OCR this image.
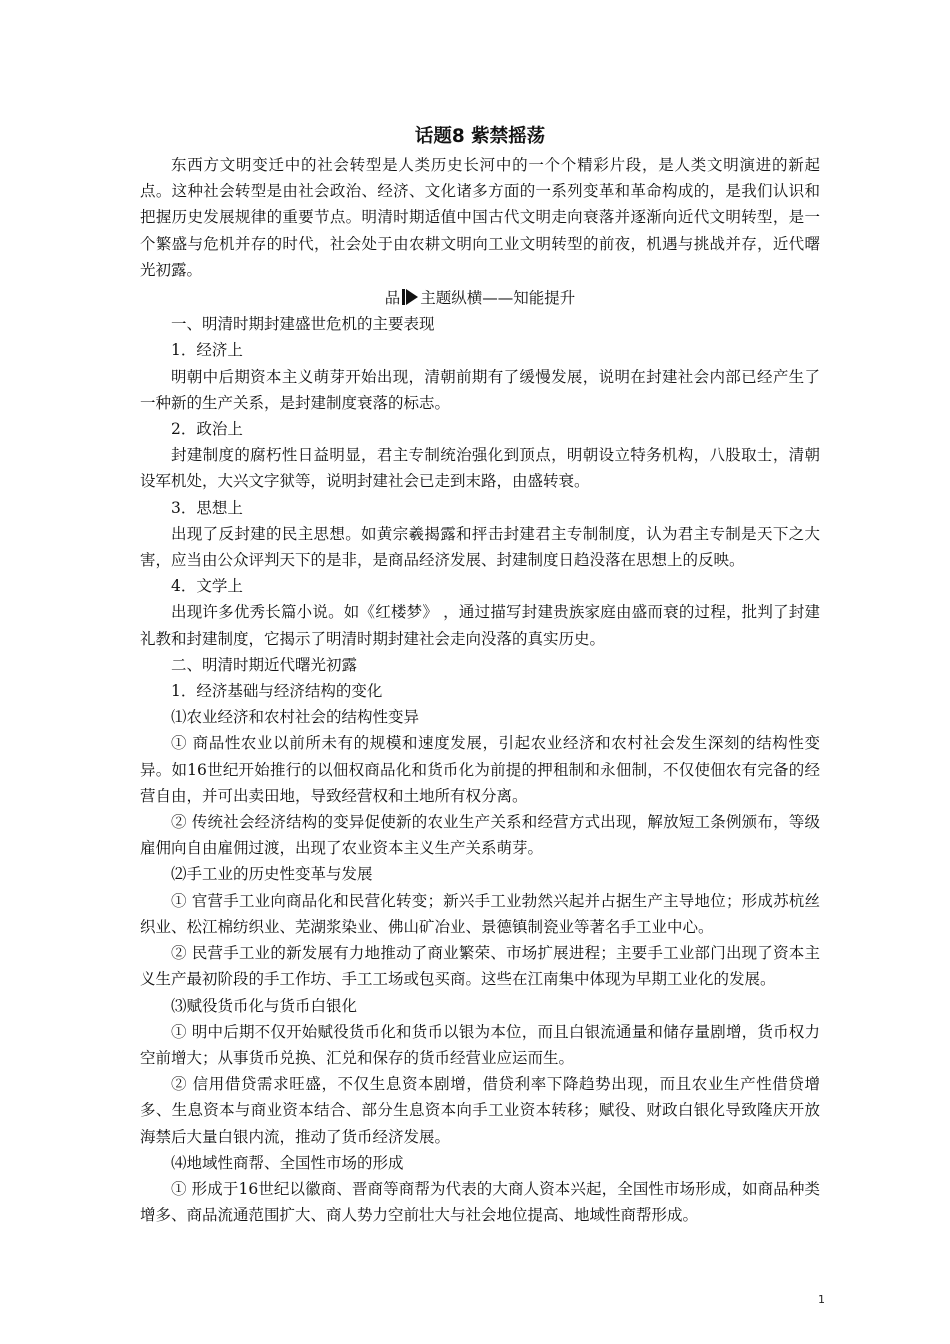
话题8 紫禁摇荡

东西方文明变迁中的社会转型是人类历史长河中的一个个精彩片段，是人类文明演进的新起点。这种社会转型是由社会政治、经济、文化诸多方面的一系列变革和革命构成的，是我们认识和把握历史发展规律的重要节点。明清时期适值中国古代文明走向衰落并逐渐向近代文明转型，是一个繁盛与危机并存的时代，社会处于由农耕文明向工业文明转型的前夜，机遇与挑战并存，近代曙光初露。

品 主题纵横——知能提升

一、明清时期封建盛世危机的主要表现

1．经济上

明朝中后期资本主义萌芽开始出现，清朝前期有了缓慢发展，说明在封建社会内部已经产生了一种新的生产关系，是封建制度衰落的标志。

2．政治上

封建制度的腐朽性日益明显，君主专制统治强化到顶点，明朝设立特务机构，八股取士，清朝设军机处，大兴文字狱等，说明封建社会已走到末路，由盛转衰。

3．思想上

出现了反封建的民主思想。如黄宗羲揭露和抨击封建君主专制制度，认为君主专制是天下之大害，应当由公众评判天下的是非，是商品经济发展、封建制度日趋没落在思想上的反映。

4．文学上

出现许多优秀长篇小说。如《红楼梦》 ，通过描写封建贵族家庭由盛而衰的过程，批判了封建礼教和封建制度，它揭示了明清时期封建社会走向没落的真实历史。

二、明清时期近代曙光初露

1．经济基础与经济结构的变化

⑴农业经济和农村社会的结构性变异

① 商品性农业以前所未有的规模和速度发展，引起农业经济和农村社会发生深刻的结构性变异。如16世纪开始推行的以佃权商品化和货币化为前提的押租制和永佃制，不仅使佃农有完备的经营自由，并可出卖田地，导致经营权和土地所有权分离。

② 传统社会经济结构的变异促使新的农业生产关系和经营方式出现，解放短工条例颁布，等级雇佣向自由雇佣过渡，出现了农业资本主义生产关系萌芽。

⑵手工业的历史性变革与发展

① 官营手工业向商品化和民营化转变；新兴手工业勃然兴起并占据生产主导地位；形成苏杭丝织业、松江棉纺织业、芜湖浆染业、佛山矿冶业、景德镇制瓷业等著名手工业中心。

② 民营手工业的新发展有力地推动了商业繁荣、市场扩展进程；主要手工业部门出现了资本主义生产最初阶段的手工作坊、手工工场或包买商。这些在江南集中体现为早期工业化的发展。

⑶赋役货币化与货币白银化

① 明中后期不仅开始赋役货币化和货币以银为本位，而且白银流通量和储存量剧增，货币权力空前增大；从事货币兑换、汇兑和保存的货币经营业应运而生。

② 信用借贷需求旺盛，不仅生息资本剧增，借贷利率下降趋势出现，而且农业生产性借贷增多、生息资本与商业资本结合、部分生息资本向手工业资本转移；赋役、财政白银化导致隆庆开放海禁后大量白银内流，推动了货币经济发展。

⑷地域性商帮、全国性市场的形成

① 形成于16世纪以徽商、晋商等商帮为代表的大商人资本兴起，全国性市场形成，如商品种类增多、商品流通范围扩大、商人势力空前壮大与社会地位提高、地域性商帮形成。

1
